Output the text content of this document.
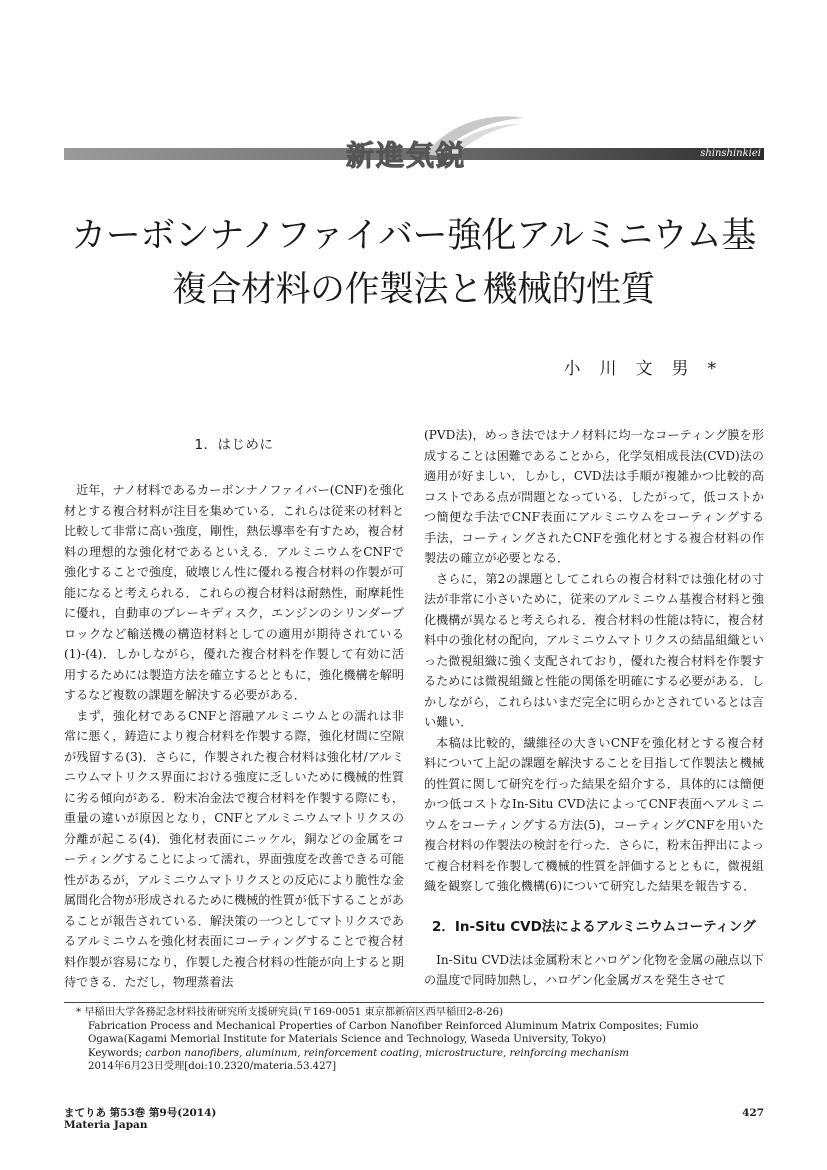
新進気鋭	shinshinkiei
カーボンナノファイバー強化アルミニウム基
複合材料の作製法と機械的性質
小川文男*
1．はじめに

近年，ナノ材料であるカーボンナノファイバー(CNF)を強化材とする複合材料が注目を集めている．これらは従来の材料と比較して非常に高い強度，剛性，熱伝導率を有すため，複合材料の理想的な強化材であるといえる．アルミニウムをCNFで強化することで強度，破壊じん性に優れる複合材料の作製が可能になると考えられる．これらの複合材料は耐熱性，耐摩耗性に優れ，自動車のブレーキディスク，エンジンのシリンダーブロックなど輸送機の構造材料としての適用が期待されている(1)-(4)．しかしながら，優れた複合材料を作製して有効に活用するためには製造方法を確立するとともに，強化機構を解明するなど複数の課題を解決する必要がある．

まず，強化材であるCNFと溶融アルミニウムとの濡れは非常に悪く，鋳造により複合材料を作製する際，強化材間に空隙が残留する(3)．さらに，作製された複合材料は強化材/アルミニウムマトリクス界面における強度に乏しいために機械的性質に劣る傾向がある．粉末冶金法で複合材料を作製する際にも，重量の違いが原因となり，CNFとアルミニウムマトリクスの分離が起こる(4)．強化材表面にニッケル，銅などの金属をコーティングすることによって濡れ，界面強度を改善できる可能性があるが，アルミニウムマトリクスとの反応により脆性な金属間化合物が形成されるために機械的性質が低下することがあることが報告されている．解決策の一つとしてマトリクスであるアルミニウムを強化材表面にコーティングすることで複合材料作製が容易になり，作製した複合材料の性能が向上すると期待できる．ただし，物理蒸着法

(PVD法)，めっき法ではナノ材料に均一なコーティング膜を形成することは困難であることから，化学気相成長法(CVD)法の適用が好ましい．しかし，CVD法は手順が複雑かつ比較的高コストである点が問題となっている．したがって，低コストかつ簡便な手法でCNF表面にアルミニウムをコーティングする手法，コーティングされたCNFを強化材とする複合材料の作製法の確立が必要となる．

さらに，第2の課題としてこれらの複合材料では強化材の寸法が非常に小さいために，従来のアルミニウム基複合材料と強化機構が異なると考えられる．複合材料の性能は特に，複合材料中の強化材の配向，アルミニウムマトリクスの結晶組織といった微視組織に強く支配されており，優れた複合材料を作製するためには微視組織と性能の関係を明確にする必要がある．しかしながら，これらはいまだ完全に明らかとされているとは言い難い．

本稿は比較的，繊維径の大きいCNFを強化材とする複合材料について上記の課題を解決することを目指して作製法と機械的性質に関して研究を行った結果を紹介する．具体的には簡便かつ低コストなIn-Situ CVD法によってCNF表面へアルミニウムをコーティングする方法(5)，コーティングCNFを用いた複合材料の作製法の検討を行った．さらに，粉末缶押出によって複合材料を作製して機械的性質を評価するとともに，微視組織を観察して強化機構(6)について研究した結果を報告する．

2．In-Situ CVD法によるアルミニウムコーティング

In-Situ CVD法は金属粉末とハロゲン化物を金属の融点以下の温度で同時加熱し，ハロゲン化金属ガスを発生させて

* 早稲田大学各務記念材料技術研究所支援研究員(〒169-0051 東京都新宿区西早稲田2-8-26)
Fabrication Process and Mechanical Properties of Carbon Nanofiber Reinforced Aluminum Matrix Composites; Fumio Ogawa(Kagami Memorial Institute for Materials Science and Technology, Waseda University, Tokyo)
Keywords; carbon nanofibers, aluminum, reinforcement coating, microstructure, reinforcing mechanism
2014年6月23日受理[doi:10.2320/materia.53.427]
まてりあ 第53巻 第9号(2014)
Materia Japan
427
